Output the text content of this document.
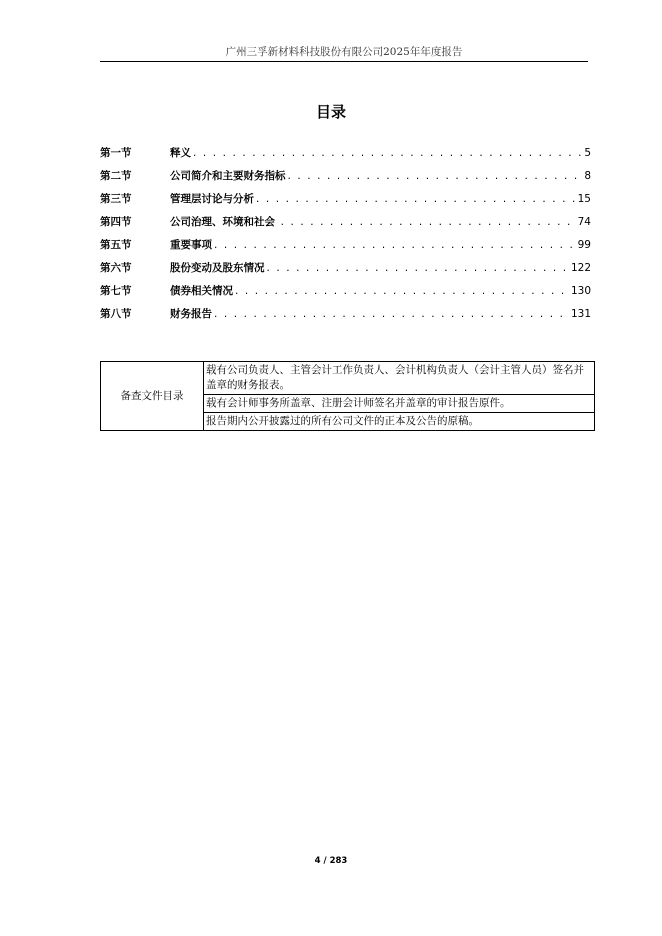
广州三孚新材料科技股份有限公司2025年年度报告
目录
第一节	释义 . . .	5
第二节	公司简介和主要财务指标 . . .	8
第三节	管理层讨论与分析 . . .	15
第四节	公司治理、环境和社会 . . .	74
第五节	重要事项 . . .	99
第六节	股份变动及股东情况 . . .	122
第七节	债券相关情况 . . .	130
第八节	财务报告 . . .	131
备查文件目录	载有公司负责人、主管会计工作负责人、会计机构负责人（会计主管人员）签名并盖章的财务报表。
载有会计师事务所盖章、注册会计师签名并盖章的审计报告原件。
报告期内公开披露过的所有公司文件的正本及公告的原稿。
4 / 283
